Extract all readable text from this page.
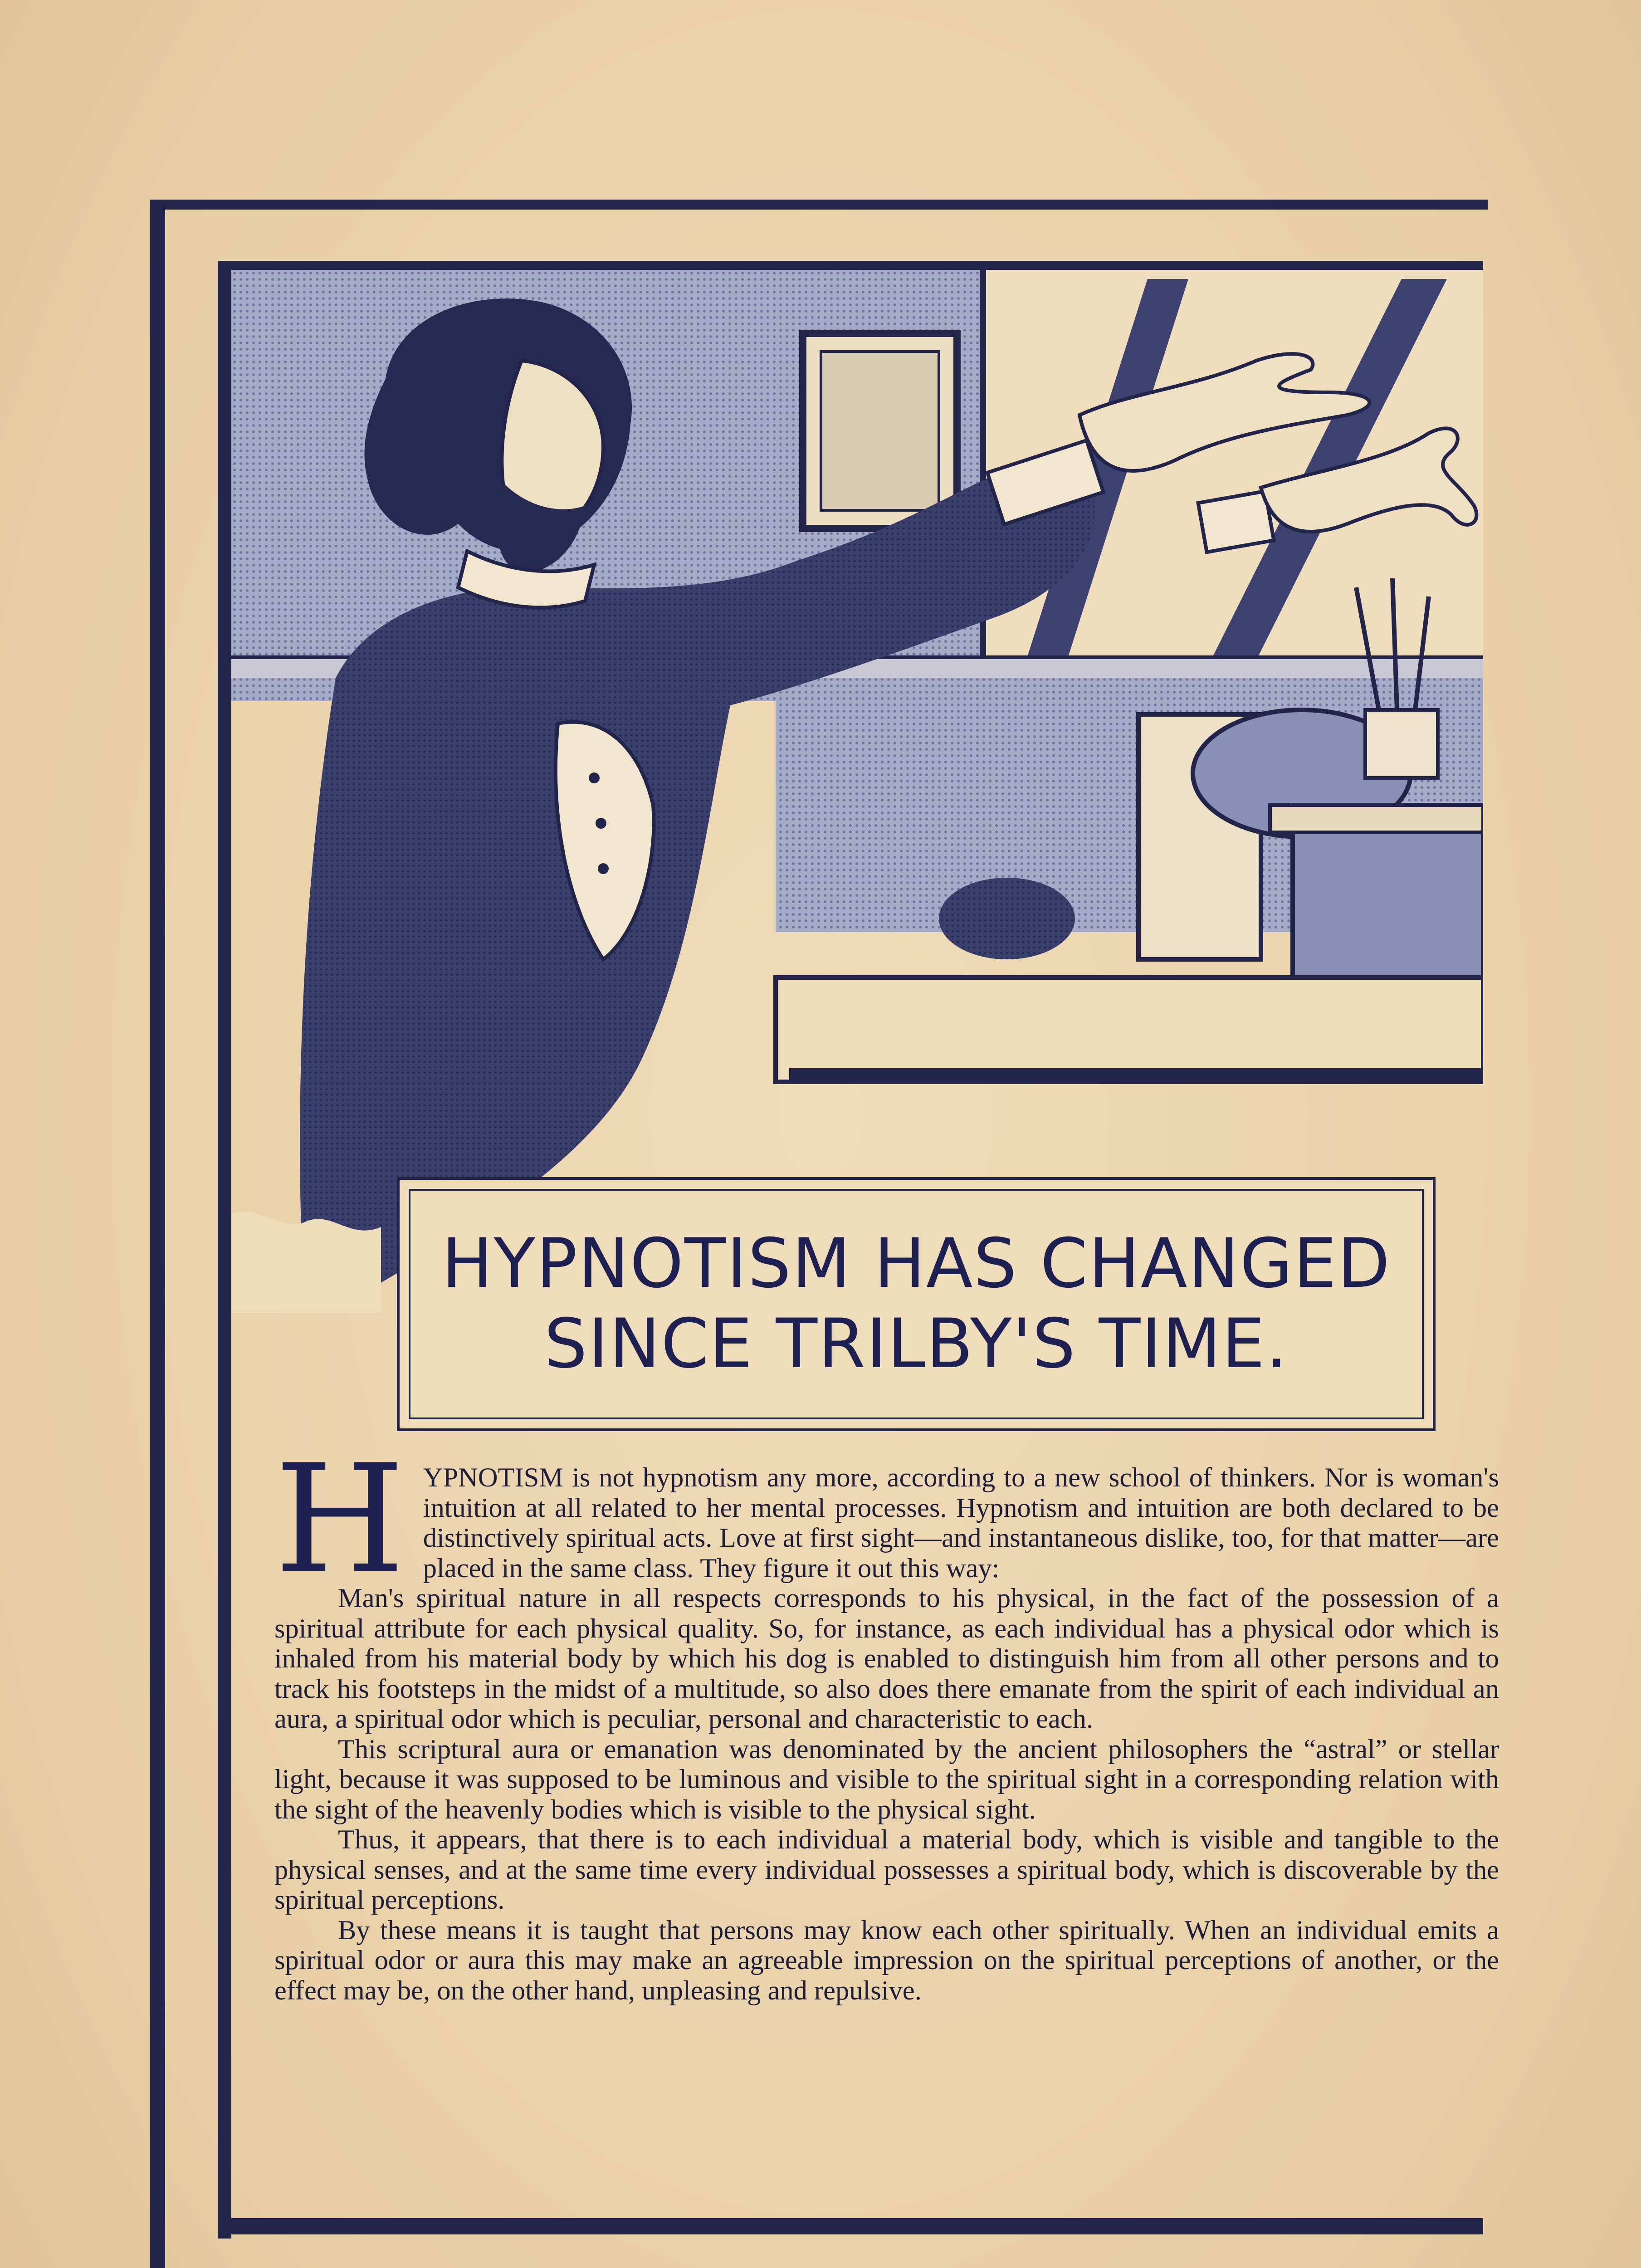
HYPNOTISM HAS CHANGED
SINCE TRILBY'S TIME.
H YPNOTISM is not hypnotism any more, according to a new school of thinkers. Nor is woman's intuition at all related to her mental processes. Hypnotism and intuition are both declared to be distinctively spiritual acts. Love at first sight—and instantaneous dislike, too, for that matter—are placed in the same class. They figure it out this way:

Man's spiritual nature in all respects corresponds to his physical, in the fact of the possession of a spiritual attribute for each physical quality. So, for instance, as each individual has a physical odor which is inhaled from his material body by which his dog is enabled to distinguish him from all other persons and to track his footsteps in the midst of a multitude, so also does there emanate from the spirit of each individual an aura, a spiritual odor which is peculiar, personal and characteristic to each.

This scriptural aura or emanation was denominated by the ancient philosophers the “astral” or stellar light, because it was supposed to be luminous and visible to the spiritual sight in a corresponding relation with the sight of the heavenly bodies which is visible to the physical sight.

Thus, it appears, that there is to each individual a material body, which is visible and tangible to the physical senses, and at the same time every individual possesses a spiritual body, which is discoverable by the spiritual perceptions.

By these means it is taught that persons may know each other spiritually. When an individual emits a spiritual odor or aura this may make an agreeable impression on the spiritual perceptions of another, or the effect may be, on the other hand, unpleasing and repulsive.
